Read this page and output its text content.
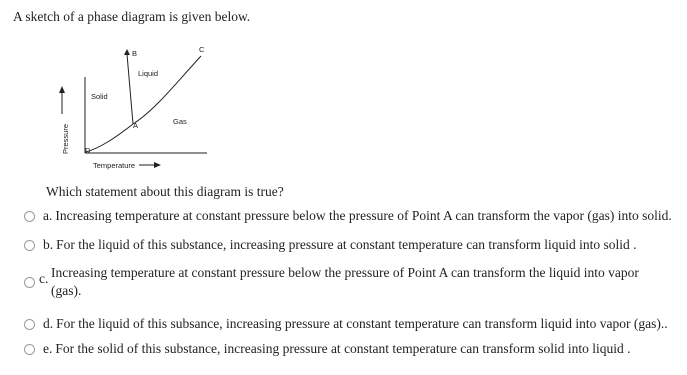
A sketch of a phase diagram is given below.
B	C
Liquid
Solid
A	Gas
D
Pressure
Temperature
Which statement about this diagram is true?
a. Increasing temperature at constant pressure below the pressure of Point A can transform the vapor (gas) into solid.
b. For the liquid of this substance, increasing pressure at constant temperature can transform liquid into solid .
c. Increasing temperature at constant pressure below the pressure of Point A can transform the liquid into vapor
(gas).
d. For the liquid of this subsance, increasing pressure at constant temperature can transform liquid into vapor (gas)..
e. For the solid of this substance, increasing pressure at constant temperature can transform solid into liquid .
